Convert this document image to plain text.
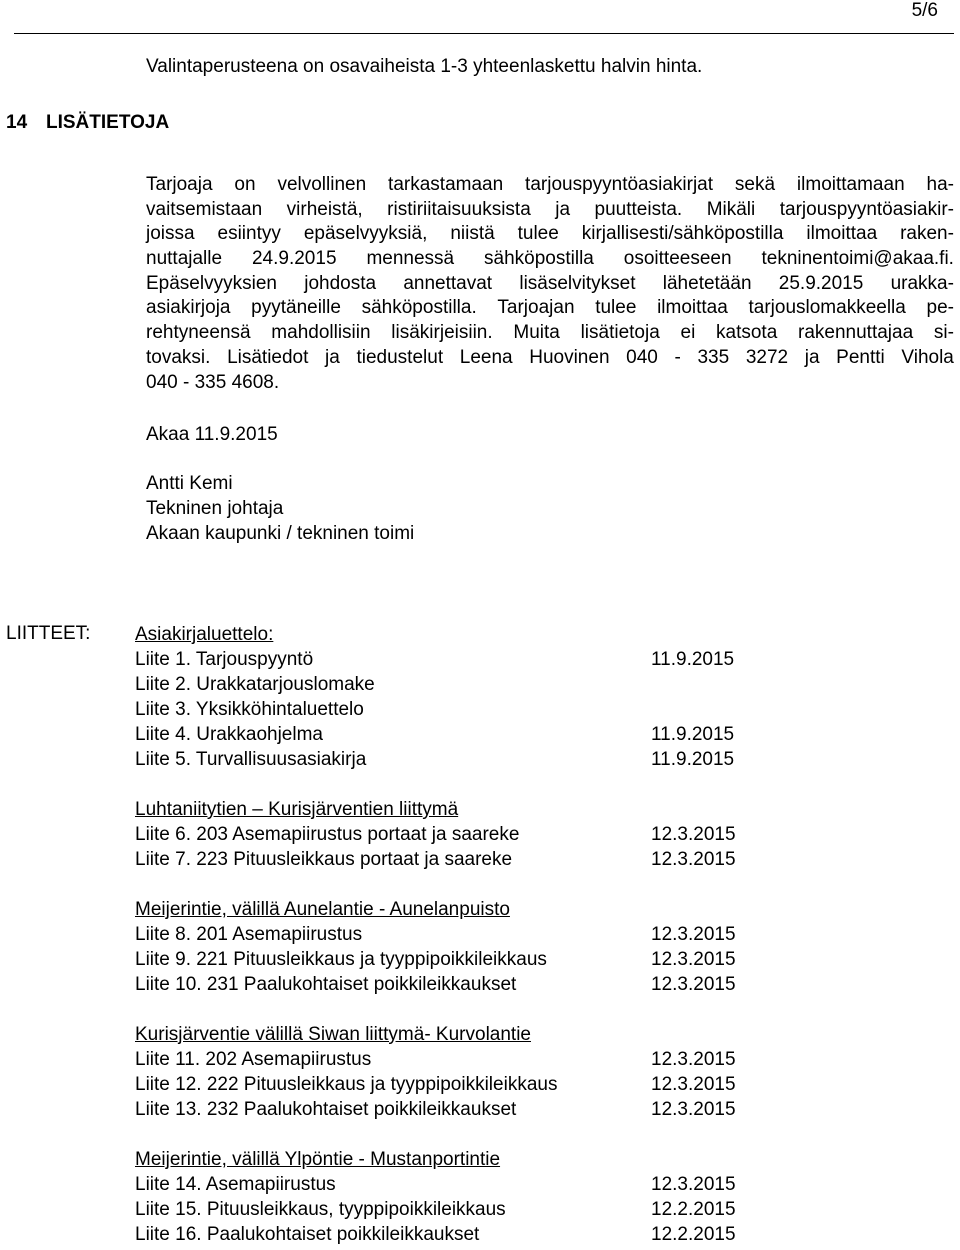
5/6
Valintaperusteena on osavaiheista 1-3 yhteenlaskettu halvin hinta.
14 LISÄTIETOJA
Tarjoaja on velvollinen tarkastamaan tarjouspyyntöasiakirjat sekä ilmoittamaan ha-
vaitsemistaan virheistä, ristiriitaisuuksista ja puutteista. Mikäli tarjouspyyntöasiakir-
joissa esiintyy epäselvyyksiä, niistä tulee kirjallisesti/sähköpostilla ilmoittaa raken-
nuttajalle 24.9.2015 mennessä sähköpostilla osoitteeseen tekninentoimi@akaa.fi.
Epäselvyyksien johdosta annettavat lisäselvitykset lähetetään 25.9.2015 urakka-
asiakirjoja pyytäneille sähköpostilla. Tarjoajan tulee ilmoittaa tarjouslomakkeella pe-
rehtyneensä mahdollisiin lisäkirjeisiin. Muita lisätietoja ei katsota rakennuttajaa si-
tovaksi. Lisätiedot ja tiedustelut Leena Huovinen 040 - 335 3272 ja Pentti Vihola
040 - 335 4608.
Akaa 11.9.2015
Antti Kemi
Tekninen johtaja
Akaan kaupunki / tekninen toimi
LIITTEET: Asiakirjaluettelo:
Liite 1. Tarjouspyyntö	11.9.2015
Liite 2. Urakkatarjouslomake
Liite 3. Yksikköhintaluettelo
Liite 4. Urakkaohjelma	11.9.2015
Liite 5. Turvallisuusasiakirja	11.9.2015
Luhtaniitytien – Kurisjärventien liittymä
Liite 6. 203 Asemapiirustus portaat ja saareke	12.3.2015
Liite 7. 223 Pituusleikkaus portaat ja saareke	12.3.2015
Meijerintie, välillä Aunelantie - Aunelanpuisto
Liite 8. 201 Asemapiirustus	12.3.2015
Liite 9. 221 Pituusleikkaus ja tyyppipoikkileikkaus	12.3.2015
Liite 10. 231 Paalukohtaiset poikkileikkaukset	12.3.2015
Kurisjärventie välillä Siwan liittymä- Kurvolantie
Liite 11. 202 Asemapiirustus	12.3.2015
Liite 12. 222 Pituusleikkaus ja tyyppipoikkileikkaus	12.3.2015
Liite 13. 232 Paalukohtaiset poikkileikkaukset	12.3.2015
Meijerintie, välillä Ylpöntie - Mustanportintie
Liite 14. Asemapiirustus	12.3.2015
Liite 15. Pituusleikkaus, tyyppipoikkileikkaus	12.2.2015
Liite 16. Paalukohtaiset poikkileikkaukset	12.2.2015
